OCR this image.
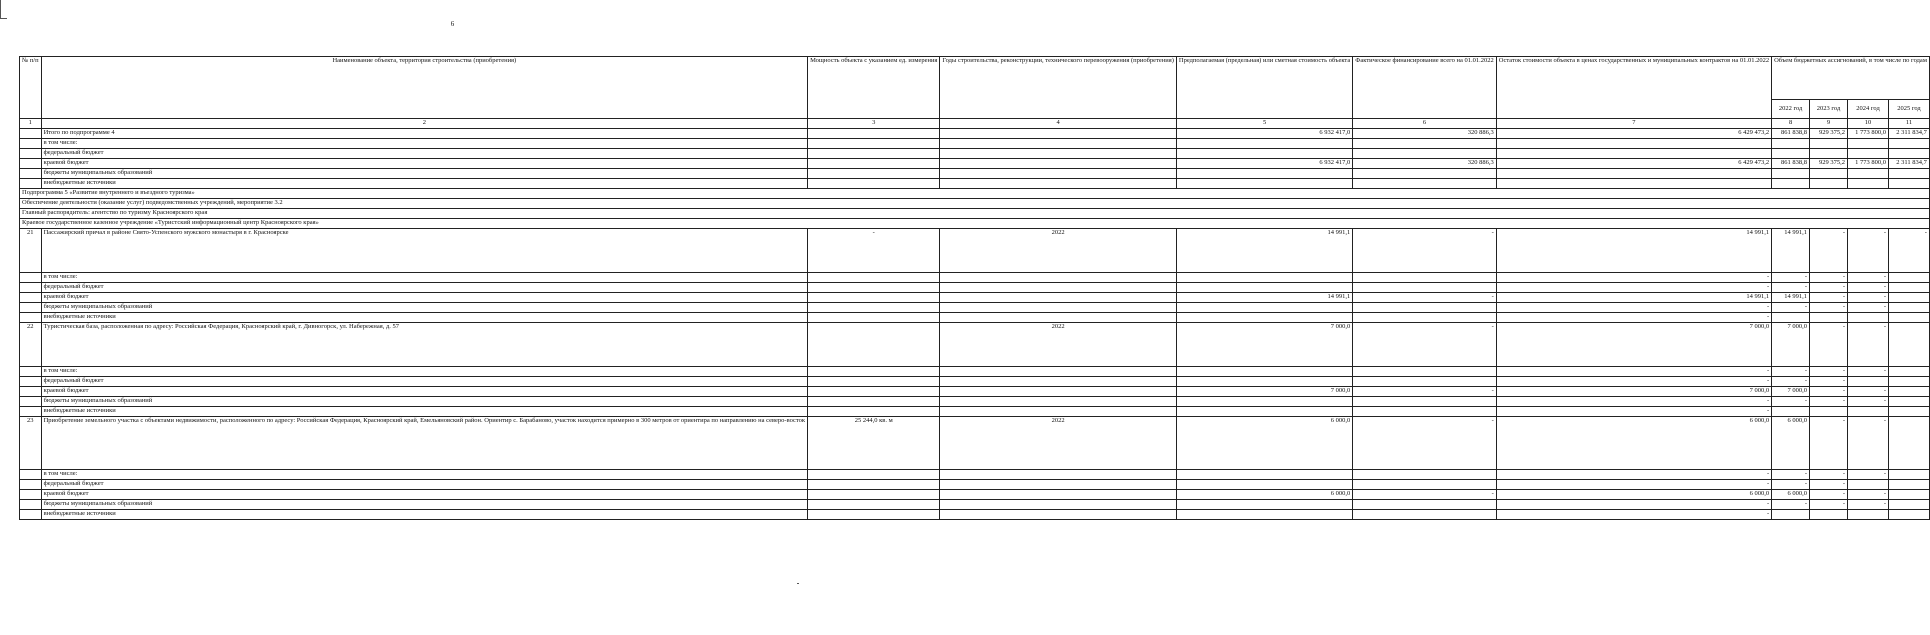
6
№ п/п	Наименование объекта, территория строительства (приобретения)	Мощность объекта с указанием ед. измерения	Годы строительства, реконструкции, технического перевооружения (приобретения)	Предполагаемая (предельная) или сметная стоимость объекта	Фактическое финансирование всего на 01.01.2022	Остаток стоимости объекта в ценах государственных и муниципальных контрактов на 01.01.2022	Объем бюджетных ассигнований, в том числе по годам			
							2022 год	2023 год	2024 год	2025 год
1	2	3	4	5	6	7	8	9	10	11
	Итого по подпрограмме 4			6 932 417,0	320 886,3	6 429 473,2	861 838,8	929 375,2	1 773 800,0	2 311 834,7
	в том числе:									
	федеральный бюджет									
	краевой бюджет			6 932 417,0	320 886,3	6 429 473,2	861 838,8	929 375,2	1 773 800,0	2 311 834,7
	бюджеты муниципальных образований									
	внебюджетные источники									
Подпрограмма 5 «Развитие внутреннего и въездного туризма»										
Обеспечение деятельности (оказание услуг) подведомственных учреждений, мероприятие 3.2										
Главный распорядитель: агентство по туризму Красноярского края										
Краевое государственное казенное учреждение «Туристский информационный центр Красноярского края»										
21	Пассажирский причал в районе Свято-Успенского мужского монастыря в г. Красноярске	-	2022	14 991,1	-	14 991,1	14 991,1	-	-	-
	в том числе:					-	-	-	-	
	федеральный бюджет					-	-	-	-	
	краевой бюджет			14 991,1	-	14 991,1	14 991,1	-	-	
	бюджеты муниципальных образований					-	-	-	-	
	внебюджетные источники					-				
22	Туристическая база, расположенная по адресу: Российская Федерация, Красноярский край, г. Дивногорск, ул. Набережная, д. 57		2022	7 000,0	-	7 000,0	7 000,0	-	-	
	в том числе:					-	-	-	-	
	федеральный бюджет					-	-	-		
	краевой бюджет			7 000,0	-	7 000,0	7 000,0	-	-	
	бюджеты муниципальных образований					-	-	-	-	
	внебюджетные источники					-				
23	Приобретение земельного участка с объектами недвижимости, расположенного по адресу: Российская Федерация, Красноярский край, Емельяновский район. Ориентир с. Барабаново, участок находится примерно в 300 метров от ориентира по направлению на северо-восток	25 244,0 кв. м	2022	6 000,0	-	6 000,0	6 000,0	-	-	
	в том числе:					-	-	-	-	
	федеральный бюджет					-	-	-		
	краевой бюджет			6 000,0	-	6 000,0	6 000,0	-	-	
	бюджеты муниципальных образований					-	-	-	-	
	внебюджетные источники					-				
